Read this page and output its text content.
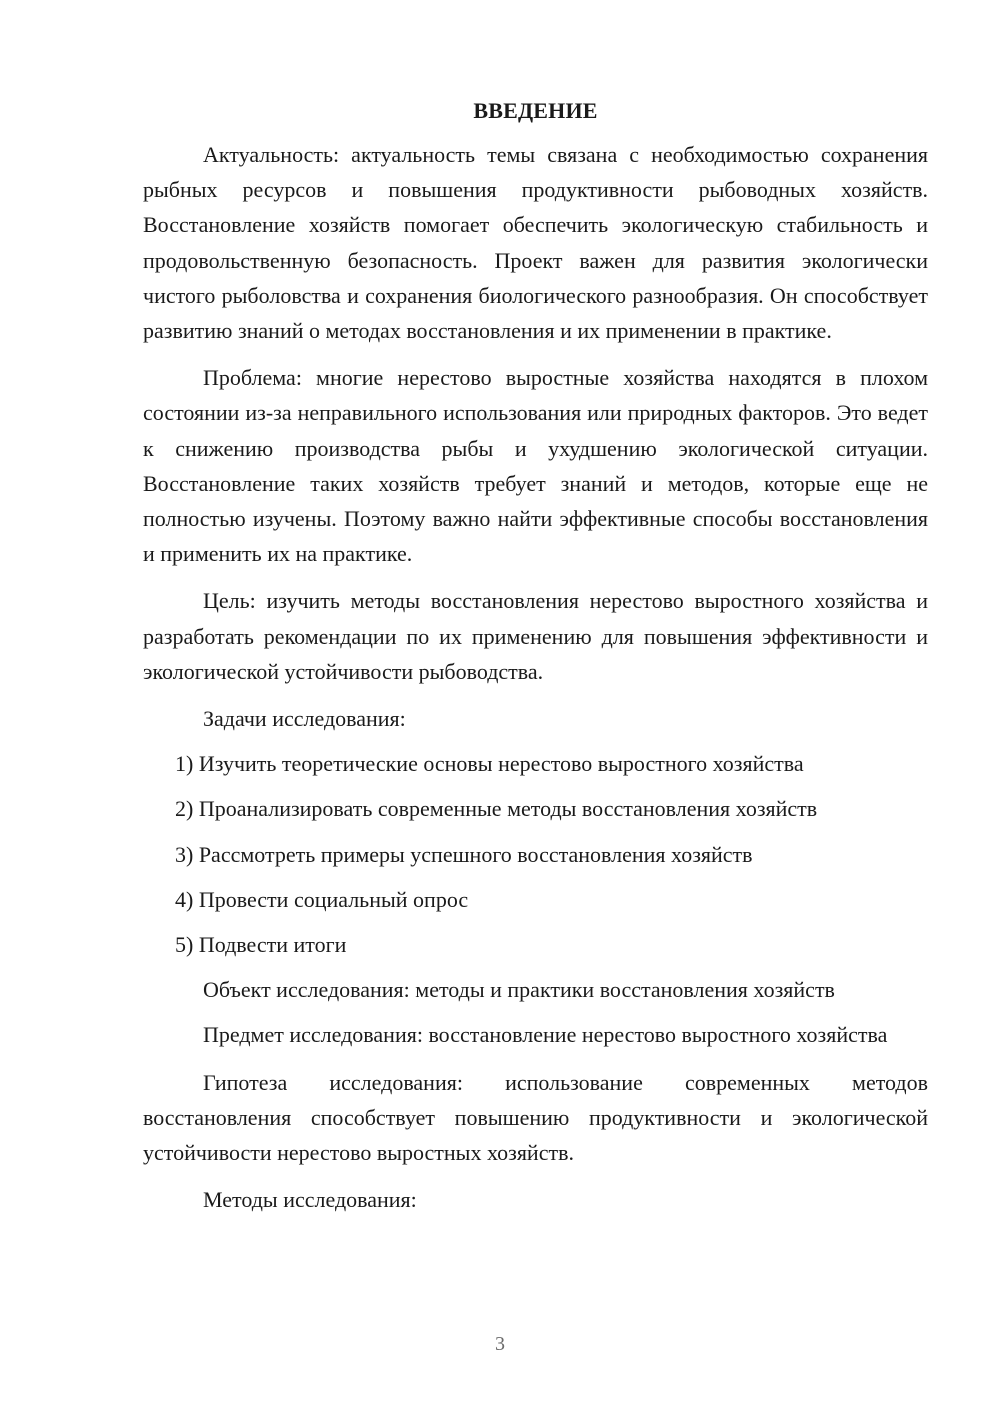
ВВЕДЕНИЕ

Актуальность: актуальность темы связана с необходимостью сохранения рыбных ресурсов и повышения продуктивности рыбоводных хозяйств. Восстановление хозяйств помогает обеспечить экологическую стабильность и продовольственную безопасность. Проект важен для развития экологически чистого рыболовства и сохранения биологического разнообразия. Он способствует развитию знаний о методах восстановления и их применении в практике.

Проблема: многие нерестово выростные хозяйства находятся в плохом состоянии из-за неправильного использования или природных факторов. Это ведет к снижению производства рыбы и ухудшению экологической ситуации. Восстановление таких хозяйств требует знаний и методов, которые еще не полностью изучены. Поэтому важно найти эффективные способы восстановления и применить их на практике.

Цель: изучить методы восстановления нерестово выростного хозяйства и разработать рекомендации по их применению для повышения эффективности и экологической устойчивости рыбоводства.

Задачи исследования:

1) Изучить теоретические основы нерестово выростного хозяйства

2) Проанализировать современные методы восстановления хозяйств

3) Рассмотреть примеры успешного восстановления хозяйств

4) Провести социальный опрос

5) Подвести итоги

Объект исследования: методы и практики восстановления хозяйств

Предмет исследования: восстановление нерестово выростного хозяйства

Гипотеза исследования: использование современных методов восстановления способствует повышению продуктивности и экологической устойчивости нерестово выростных хозяйств.

Методы исследования:

3
